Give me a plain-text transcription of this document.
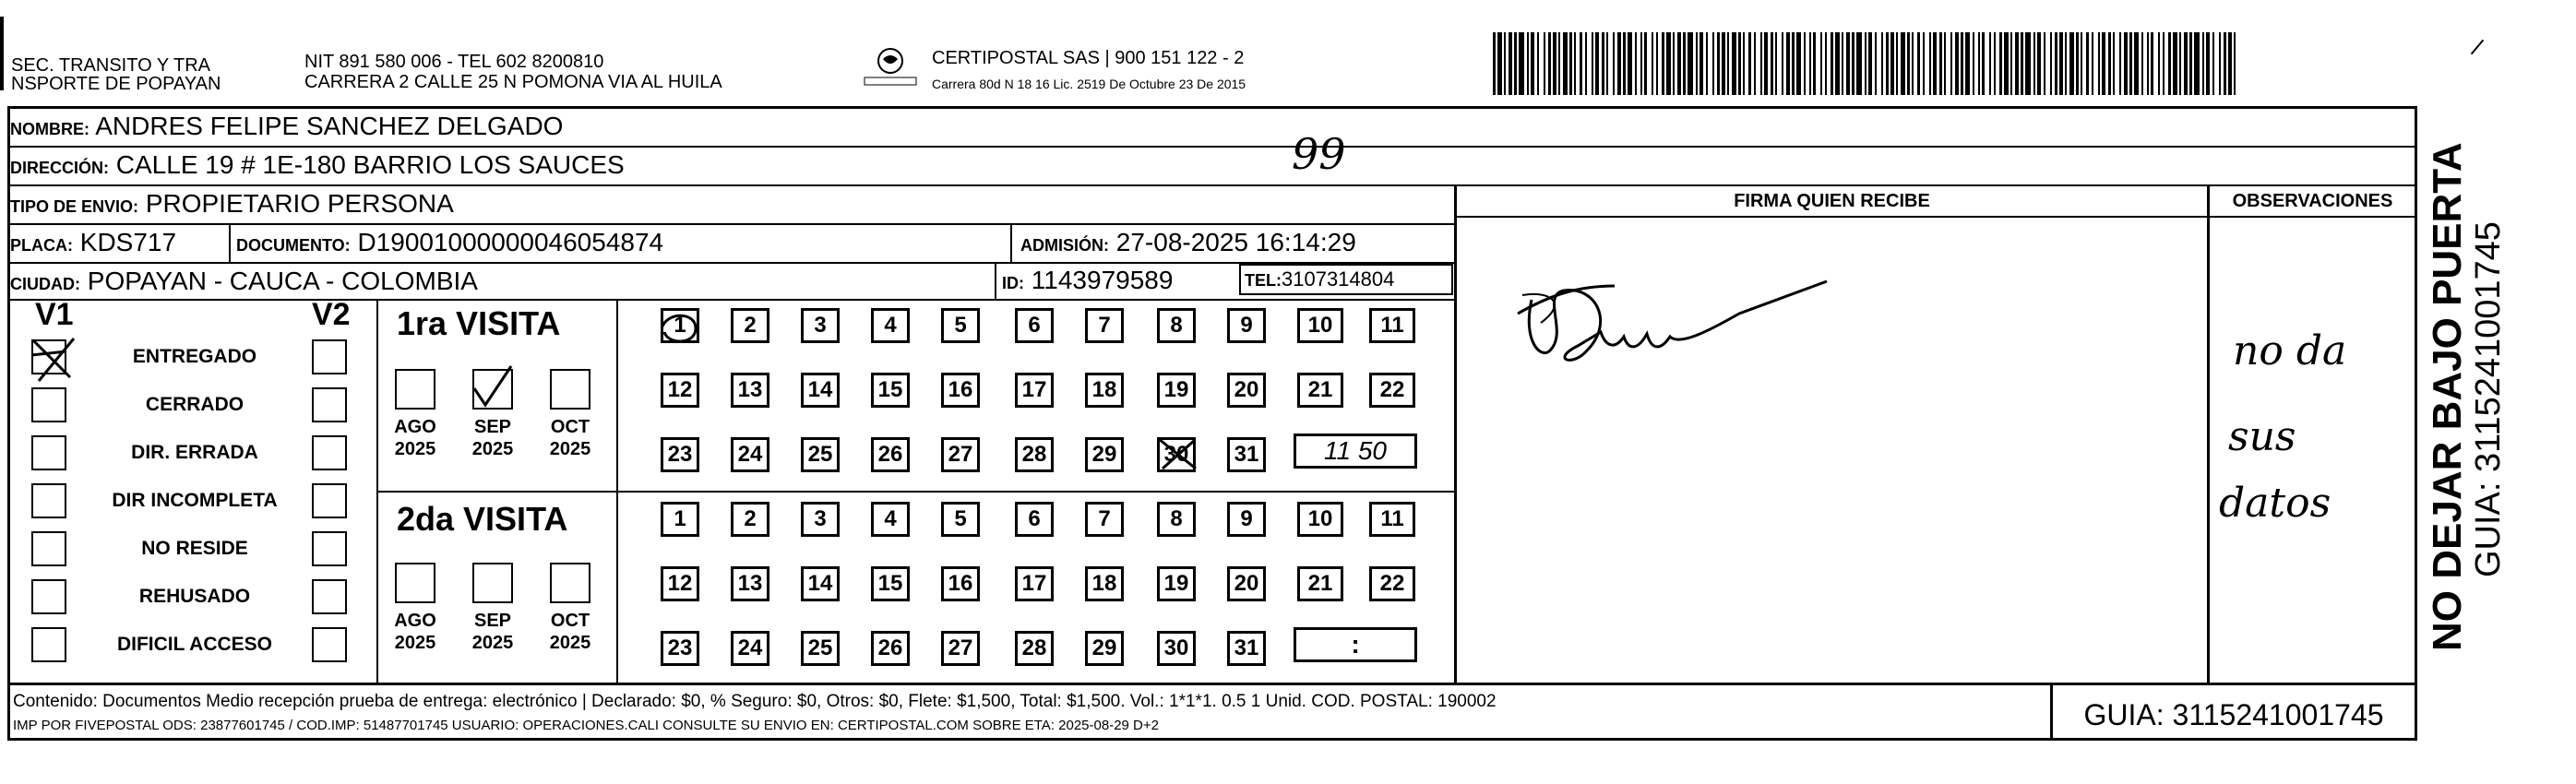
SEC. TRANSITO Y TRA
NSPORTE DE POPAYAN
NIT 891 580 006 - TEL 602 8200810
CARRERA 2 CALLE 25 N POMONA VIA AL HUILA
CERTIPOSTAL SAS | 900 151 122 - 2
Carrera 80d N 18 16 Lic. 2519 De Octubre 23 De 2015
NOMBRE: ANDRES FELIPE SANCHEZ DELGADO
DIRECCIÓN: CALLE 19 # 1E-180 BARRIO LOS SAUCES	99
TIPO DE ENVIO: PROPIETARIO PERSONA
PLACA: KDS717	DOCUMENTO: D19001000000046054874	ADMISIÓN: 27-08-2025 16:14:29
CIUDAD: POPAYAN - CAUCA - COLOMBIA	ID: 1143979589	TEL:3107314804
FIRMA QUIEN RECIBE	OBSERVACIONES
no da
sus
datos
V1	V2
ENTREGADO
CERRADO
DIR. ERRADA
DIR INCOMPLETA
NO RESIDE
REHUSADO
DIFICIL ACCESO
1ra VISITA
AGO
2025
SEP
2025
OCT
2025
1	2	3	4	5	6	7	8	9	10	11
12	13	14	15	16	17	18	19	20	21	22
23	24	25	26	27	28	29	30	31	11 50
2da VISITA
AGO
2025
SEP
2025
OCT
2025
1	2	3	4	5	6	7	8	9	10	11
12	13	14	15	16	17	18	19	20	21	22
23	24	25	26	27	28	29	30	31	:
Contenido: Documentos Medio recepción prueba de entrega: electrónico | Declarado: $0, % Seguro: $0, Otros: $0, Flete: $1,500, Total: $1,500. Vol.: 1*1*1. 0.5 1 Unid. COD. POSTAL: 190002
IMP POR FIVEPOSTAL ODS: 23877601745 / COD.IMP: 51487701745 USUARIO: OPERACIONES.CALI CONSULTE SU ENVIO EN: CERTIPOSTAL.COM SOBRE ETA: 2025-08-29 D+2	GUIA: 3115241001745
NO DEJAR BAJO PUERTA GUIA: 3115241001745
